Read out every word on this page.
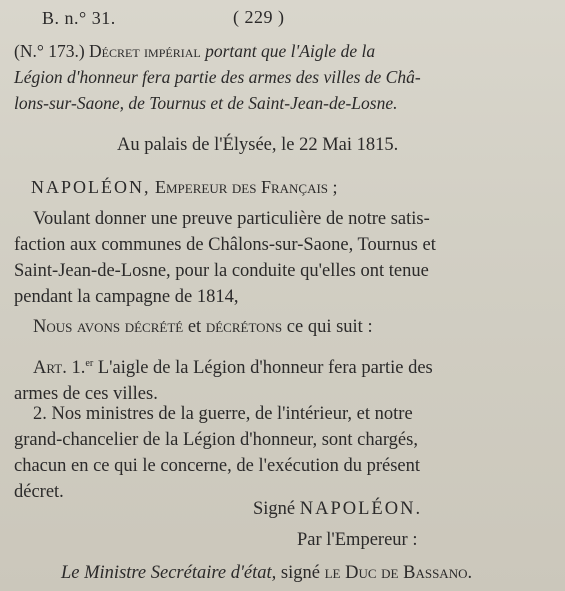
B. n.° 31.	( 229 )
(N.° 173.) Décret impérial portant que l'Aigle de la
Légion d'honneur fera partie des armes des villes de Châ-
lons-sur-Saone, de Tournus et de Saint-Jean-de-Losne.
Au palais de l'Élysée, le 22 Mai 1815.
NAPOLÉON, Empereur des Français ;
Voulant donner une preuve particulière de notre satis-
faction aux communes de Châlons-sur-Saone, Tournus et
Saint-Jean-de-Losne, pour la conduite qu'elles ont tenue
pendant la campagne de 1814,
Nous avons décrété et décrétons ce qui suit :
Art. 1.$^{er}$ L'aigle de la Légion d'honneur fera partie des
armes de ces villes.
2. Nos ministres de la guerre, de l'intérieur, et notre
grand-chancelier de la Légion d'honneur, sont chargés,
chacun en ce qui le concerne, de l'exécution du présent
décret.
Signé NAPOLÉON.
Par l'Empereur :
Le Ministre Secrétaire d'état, signé le Duc de Bassano.
